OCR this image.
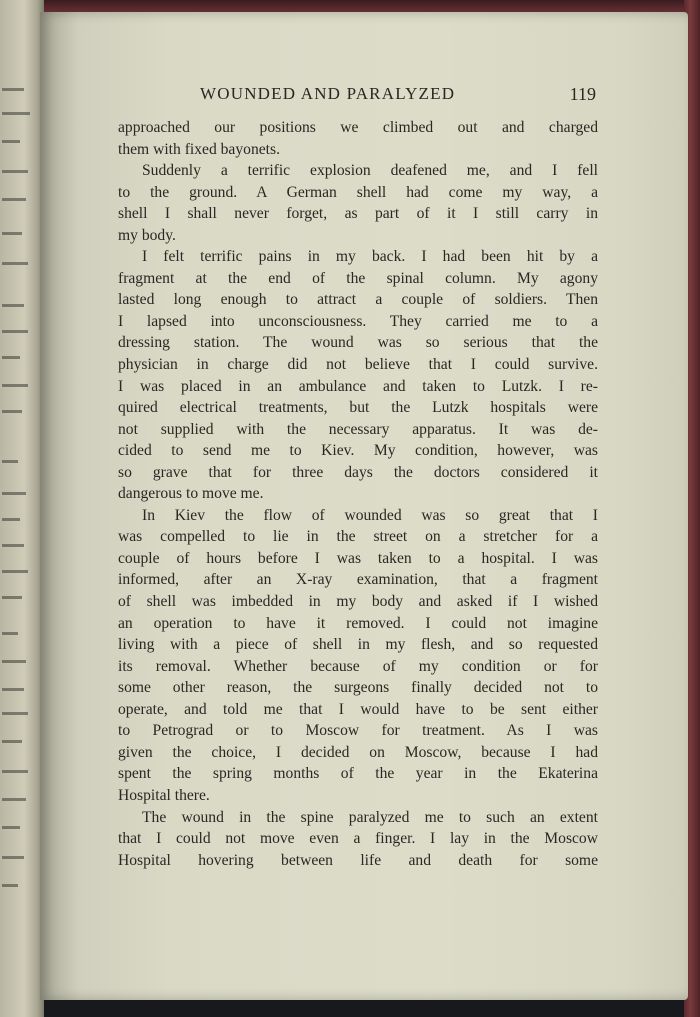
WOUNDED AND PARALYZED	119
approached our positions we climbed out and charged
them with fixed bayonets.
Suddenly a terrific explosion deafened me, and I fell
to the ground. A German shell had come my way, a
shell I shall never forget, as part of it I still carry in
my body.
I felt terrific pains in my back. I had been hit by a
fragment at the end of the spinal column. My agony
lasted long enough to attract a couple of soldiers. Then
I lapsed into unconsciousness. They carried me to a
dressing station. The wound was so serious that the
physician in charge did not believe that I could survive.
I was placed in an ambulance and taken to Lutzk. I re-
quired electrical treatments, but the Lutzk hospitals were
not supplied with the necessary apparatus. It was de-
cided to send me to Kiev. My condition, however, was
so grave that for three days the doctors considered it
dangerous to move me.
In Kiev the flow of wounded was so great that I
was compelled to lie in the street on a stretcher for a
couple of hours before I was taken to a hospital. I was
informed, after an X-ray examination, that a fragment
of shell was imbedded in my body and asked if I wished
an operation to have it removed. I could not imagine
living with a piece of shell in my flesh, and so requested
its removal. Whether because of my condition or for
some other reason, the surgeons finally decided not to
operate, and told me that I would have to be sent either
to Petrograd or to Moscow for treatment. As I was
given the choice, I decided on Moscow, because I had
spent the spring months of the year in the Ekaterina
Hospital there.
The wound in the spine paralyzed me to such an extent
that I could not move even a finger. I lay in the Moscow
Hospital hovering between life and death for some
